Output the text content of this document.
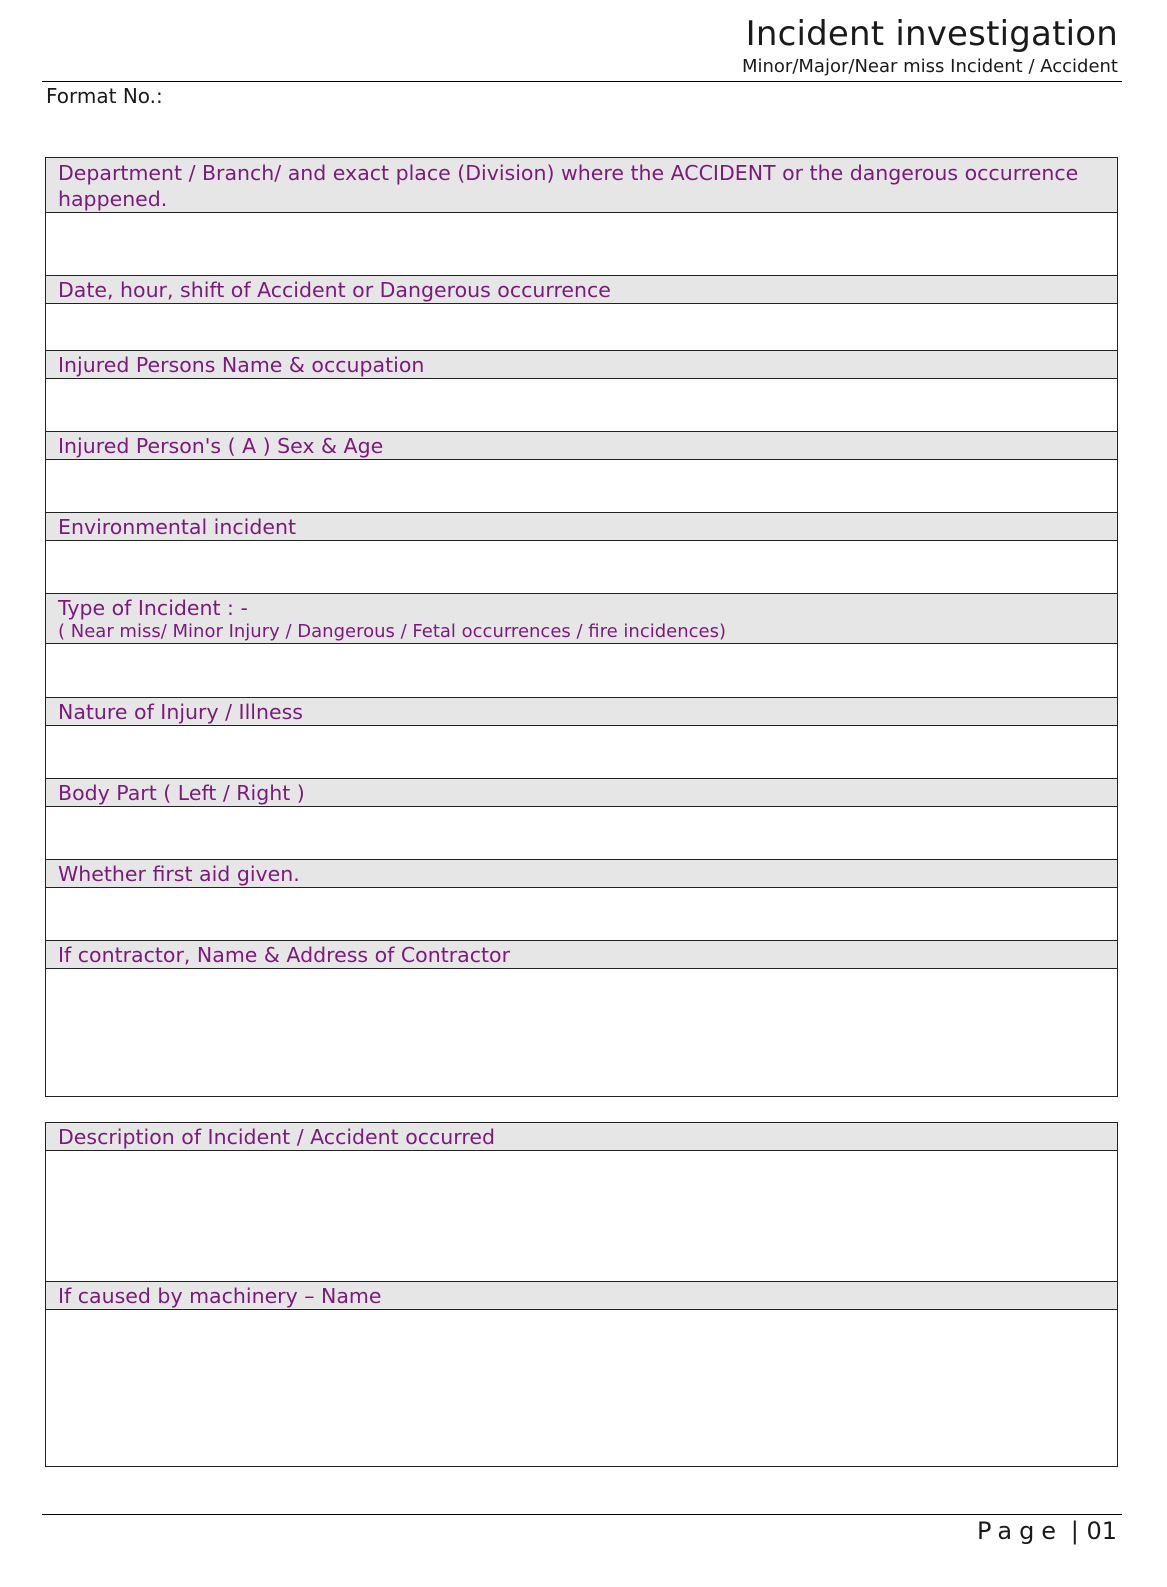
Incident investigation
Minor/Major/Near miss Incident / Accident
Format No.:
Department / Branch/ and exact place (Division) where the ACCIDENT or the dangerous occurrence happened.
Date, hour, shift of Accident or Dangerous occurrence
Injured Persons Name & occupation
Injured Person's ( A ) Sex & Age
Environmental incident
Type of Incident : -
( Near miss/ Minor Injury / Dangerous / Fetal occurrences / fire incidences)
Nature of Injury / Illness
Body Part ( Left / Right )
Whether first aid given.
If contractor, Name & Address of Contractor
Description of Incident / Accident occurred
If caused by machinery – Name
Page | 01
